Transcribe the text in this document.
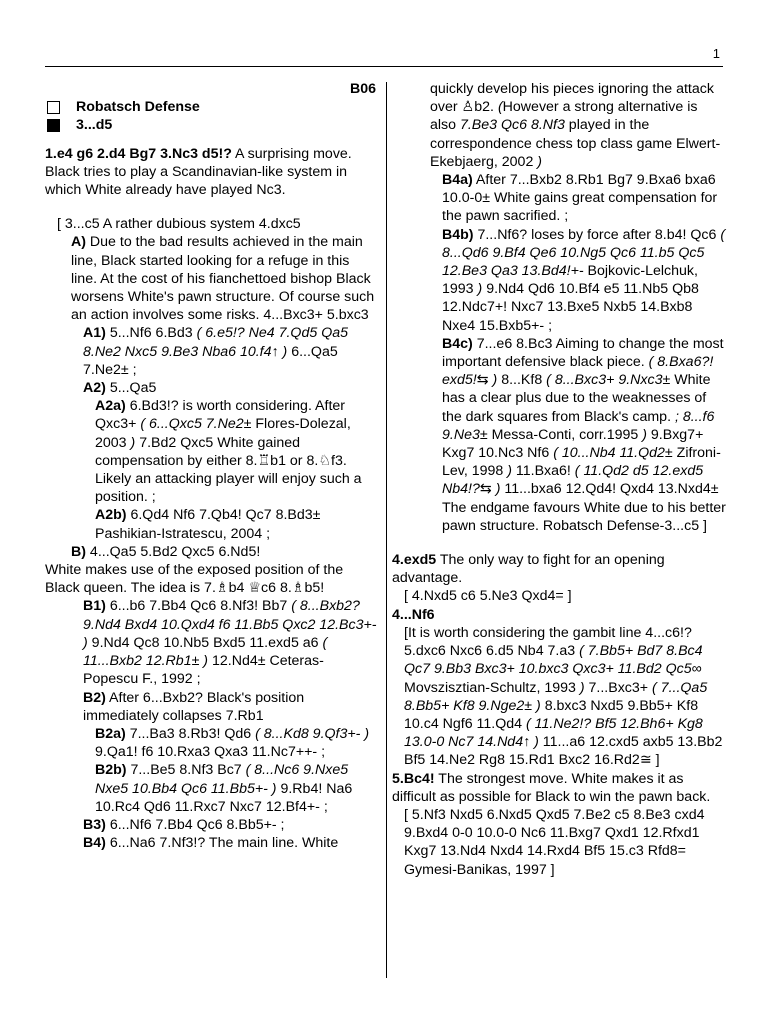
1

B06

Robatsch Defense

3...d5

1.e4 g6 2.d4 Bg7 3.Nc3 d5!? A surprising move. Black tries to play a Scandinavian-like system in which White already have played Nc3.

[ 3...c5 A rather dubious system 4.dxc5

A) Due to the bad results achieved in the main line, Black started looking for a refuge in this line. At the cost of his fianchettoed bishop Black worsens White's pawn structure. Of course such an action involves some risks. 4...Bxc3+ 5.bxc3

A1) 5...Nf6 6.Bd3 ( 6.e5!? Ne4 7.Qd5 Qa5 8.Ne2 Nxc5 9.Be3 Nba6 10.f4↑ ) 6...Qa5 7.Ne2± ;

A2) 5...Qa5

A2a) 6.Bd3!? is worth considering. After Qxc3+ ( 6...Qxc5 7.Ne2± Flores-Dolezal, 2003 ) 7.Bd2 Qxc5 White gained compensation by either 8.♖b1 or 8.♘f3. Likely an attacking player will enjoy such a position. ;

A2b) 6.Qd4 Nf6 7.Qb4! Qc7 8.Bd3± Pashikian-Istratescu, 2004 ;

B) 4...Qa5 5.Bd2 Qxc5 6.Nd5!

White makes use of the exposed position of the Black queen. The idea is 7.♗b4 ♕c6 8.♗b5!

B1) 6...b6 7.Bb4 Qc6 8.Nf3! Bb7 ( 8...Bxb2? 9.Nd4 Bxd4 10.Qxd4 f6 11.Bb5 Qxc2 12.Bc3+- ) 9.Nd4 Qc8 10.Nb5 Bxd5 11.exd5 a6 ( 11...Bxb2 12.Rb1± ) 12.Nd4± Ceteras-Popescu F., 1992 ;

B2) After 6...Bxb2? Black's position immediately collapses 7.Rb1

B2a) 7...Ba3 8.Rb3! Qd6 ( 8...Kd8 9.Qf3+- ) 9.Qa1! f6 10.Rxa3 Qxa3 11.Nc7++- ;

B2b) 7...Be5 8.Nf3 Bc7 ( 8...Nc6 9.Nxe5 Nxe5 10.Bb4 Qc6 11.Bb5+- ) 9.Rb4! Na6 10.Rc4 Qd6 11.Rxc7 Nxc7 12.Bf4+- ;

B3) 6...Nf6 7.Bb4 Qc6 8.Bb5+- ;

B4) 6...Na6 7.Nf3!? The main line. White

quickly develop his pieces ignoring the attack over ♙b2. (However a strong alternative is also 7.Be3 Qc6 8.Nf3 played in the correspondence chess top class game Elwert-Ekebjaerg, 2002 )

B4a) After 7...Bxb2 8.Rb1 Bg7 9.Bxa6 bxa6 10.0-0± White gains great compensation for the pawn sacrified. ;

B4b) 7...Nf6? loses by force after 8.b4! Qc6 ( 8...Qd6 9.Bf4 Qe6 10.Ng5 Qc6 11.b5 Qc5 12.Be3 Qa3 13.Bd4!+- Bojkovic-Lelchuk, 1993 ) 9.Nd4 Qd6 10.Bf4 e5 11.Nb5 Qb8 12.Ndc7+! Nxc7 13.Bxe5 Nxb5 14.Bxb8 Nxe4 15.Bxb5+- ;

B4c) 7...e6 8.Bc3 Aiming to change the most important defensive black piece. ( 8.Bxa6?! exd5!⇆ ) 8...Kf8 ( 8...Bxc3+ 9.Nxc3± White has a clear plus due to the weaknesses of the dark squares from Black's camp. ; 8...f6 9.Ne3± Messa-Conti, corr.1995 ) 9.Bxg7+ Kxg7 10.Nc3 Nf6 ( 10...Nb4 11.Qd2± Zifroni-Lev, 1998 ) 11.Bxa6! ( 11.Qd2 d5 12.exd5 Nb4!?⇆ ) 11...bxa6 12.Qd4! Qxd4 13.Nxd4± The endgame favours White due to his better pawn structure. Robatsch Defense-3...c5 ]

4.exd5 The only way to fight for an opening advantage.

[ 4.Nxd5 c6 5.Ne3 Qxd4= ]

4...Nf6

[It is worth considering the gambit line 4...c6!? 5.dxc6 Nxc6 6.d5 Nb4 7.a3 ( 7.Bb5+ Bd7 8.Bc4 Qc7 9.Bb3 Bxc3+ 10.bxc3 Qxc3+ 11.Bd2 Qc5∞ Movszisztian-Schultz, 1993 ) 7...Bxc3+ ( 7...Qa5 8.Bb5+ Kf8 9.Nge2± ) 8.bxc3 Nxd5 9.Bb5+ Kf8 10.c4 Ngf6 11.Qd4 ( 11.Ne2!? Bf5 12.Bh6+ Kg8 13.0-0 Nc7 14.Nd4↑ ) 11...a6 12.cxd5 axb5 13.Bb2 Bf5 14.Ne2 Rg8 15.Rd1 Bxc2 16.Rd2≅ ]

5.Bc4! The strongest move. White makes it as difficult as possible for Black to win the pawn back.

[ 5.Nf3 Nxd5 6.Nxd5 Qxd5 7.Be2 c5 8.Be3 cxd4 9.Bxd4 0-0 10.0-0 Nc6 11.Bxg7 Qxd1 12.Rfxd1 Kxg7 13.Nd4 Nxd4 14.Rxd4 Bf5 15.c3 Rfd8= Gymesi-Banikas, 1997 ]
